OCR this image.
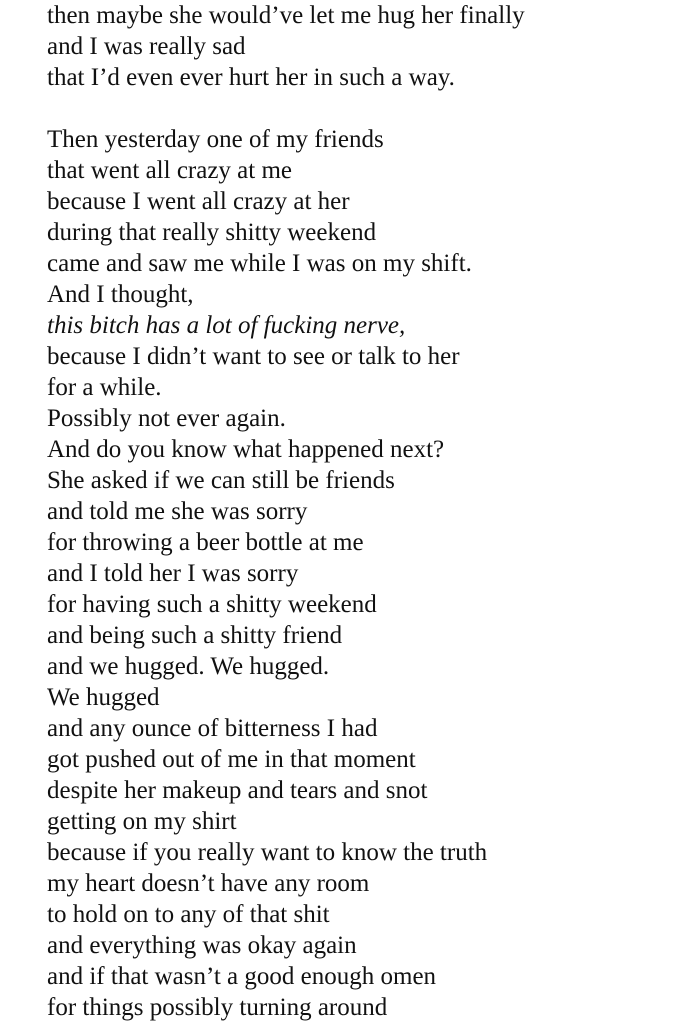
then maybe she would’ve let me hug her finally
and I was really sad
that I’d even ever hurt her in such a way.
Then yesterday one of my friends
that went all crazy at me
because I went all crazy at her
during that really shitty weekend
came and saw me while I was on my shift.
And I thought,
this bitch has a lot of fucking nerve,
because I didn’t want to see or talk to her
for a while.
Possibly not ever again.
And do you know what happened next?
She asked if we can still be friends
and told me she was sorry
for throwing a beer bottle at me
and I told her I was sorry
for having such a shitty weekend
and being such a shitty friend
and we hugged. We hugged.
We hugged
and any ounce of bitterness I had
got pushed out of me in that moment
despite her makeup and tears and snot
getting on my shirt
because if you really want to know the truth
my heart doesn’t have any room
to hold on to any of that shit
and everything was okay again
and if that wasn’t a good enough omen
for things possibly turning around
